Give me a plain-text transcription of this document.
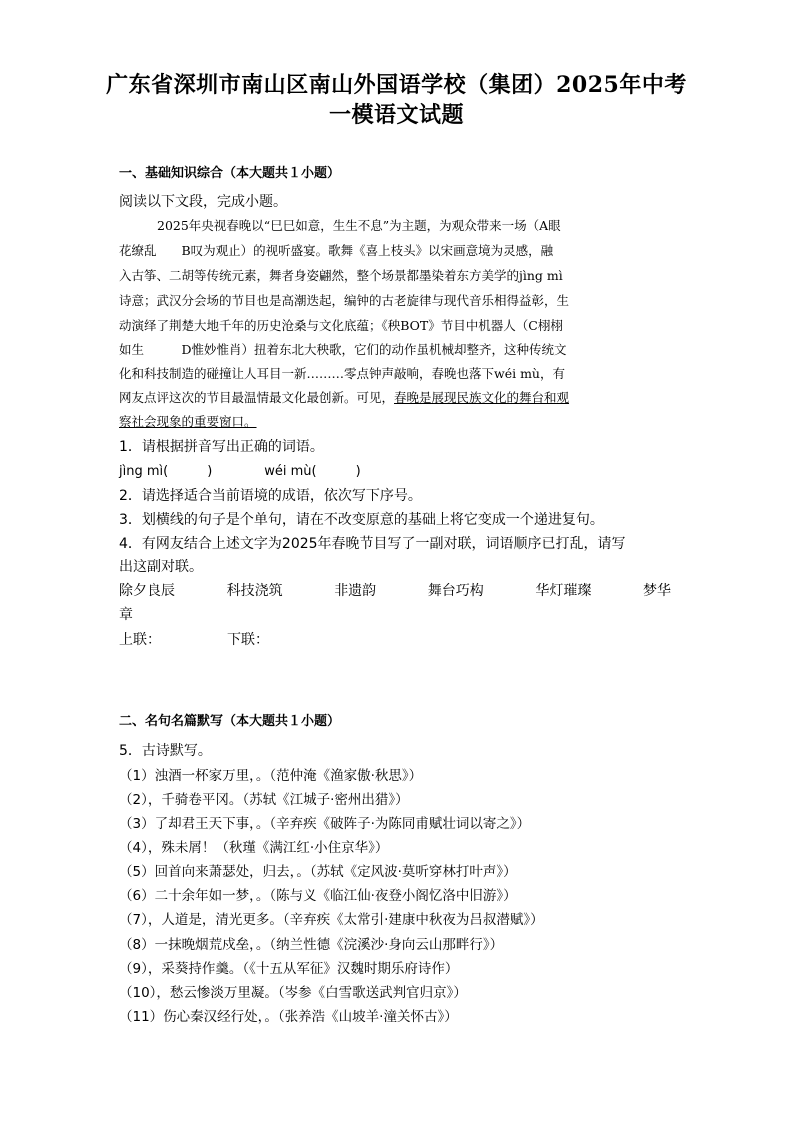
广东省深圳市南山区南山外国语学校（集团）2025年中考
一模语文试题
一、基础知识综合（本大题共１小题）
阅读以下文段，完成小题。
2025年央视春晚以“巳巳如意，生生不息”为主题，为观众带来一场（A眼
花缭乱　　B叹为观止）的视听盛宴。歌舞《喜上枝头》以宋画意境为灵感，融
入古筝、二胡等传统元素，舞者身姿翩然，整个场景都墨染着东方美学的jìng mì
诗意；武汉分会场的节目也是高潮迭起，编钟的古老旋律与现代音乐相得益彰，生
动演绎了荆楚大地千年的历史沧桑与文化底蕴；《秧BOT》节目中机器人（C栩栩
如生　　　D惟妙惟肖）扭着东北大秧歌，它们的动作虽机械却整齐，这种传统文
化和科技制造的碰撞让人耳目一新………零点钟声敲响，春晚也落下wéi mù，有
网友点评这次的节目最温情最文化最创新。可见，春晚是展现民族文化的舞台和观
察社会现象的重要窗口。
1．请根据拼音写出正确的词语。
jìng mì(　　　)　　　　wéi mù(　　　)
2．请选择适合当前语境的成语，依次写下序号。
3．划横线的句子是个单句，请在不改变原意的基础上将它变成一个递进复句。
4．有网友结合上述文字为2025年春晚节目写了一副对联，词语顺序已打乱，请写
出这副对联。
除夕良辰	科技浇筑	非遗韵	舞台巧构	华灯璀璨	梦华
章
上联：	下联：
二、名句名篇默写（本大题共１小题）
5．古诗默写。
（1）浊酒一杯家万里，。（范仲淹《渔家傲·秋思》）
（2），千骑卷平冈。（苏轼《江城子·密州出猎》）
（3）了却君王天下事，。（辛弃疾《破阵子·为陈同甫赋壮词以寄之》）
（4），殊未屑！（秋瑾《满江红·小住京华》）
（5）回首向来萧瑟处，归去，。（苏轼《定风波·莫听穿林打叶声》）
（6）二十余年如一梦，。（陈与义《临江仙·夜登小阁忆洛中旧游》）
（7），人道是，清光更多。（辛弃疾《太常引·建康中秋夜为吕叔潜赋》）
（8）一抹晚烟荒戍垒，。（纳兰性德《浣溪沙·身向云山那畔行》）
（9），采葵持作羹。（《十五从军征》汉魏时期乐府诗作）
（10），愁云惨淡万里凝。（岑参《白雪歌送武判官归京》）
（11）伤心秦汉经行处，。（张养浩《山坡羊·潼关怀古》）
